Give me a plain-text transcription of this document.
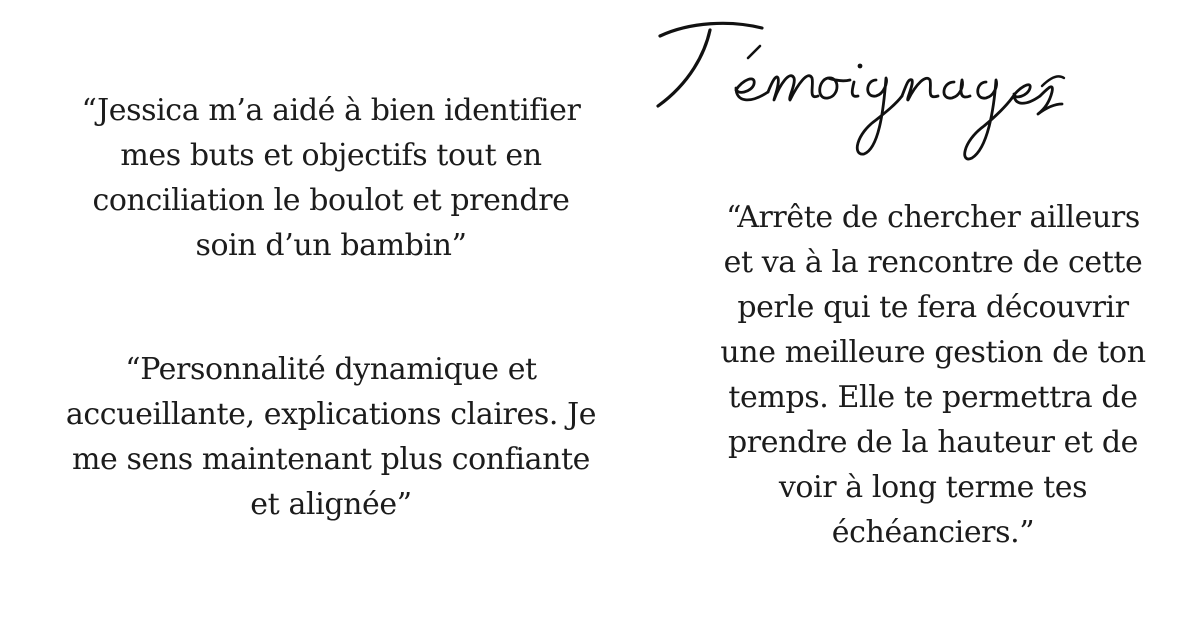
“Jessica m’a aidé à bien identifier mes buts et objectifs tout en conciliation le boulot et prendre soin d’un bambin”

“Personnalité dynamique et accueillante, explications claires. Je me sens maintenant plus confiante et alignée”

“Arrête de chercher ailleurs et va à la rencontre de cette perle qui te fera découvrir une meilleure gestion de ton temps. Elle te permettra de prendre de la hauteur et de voir à long terme tes échéanciers.”
